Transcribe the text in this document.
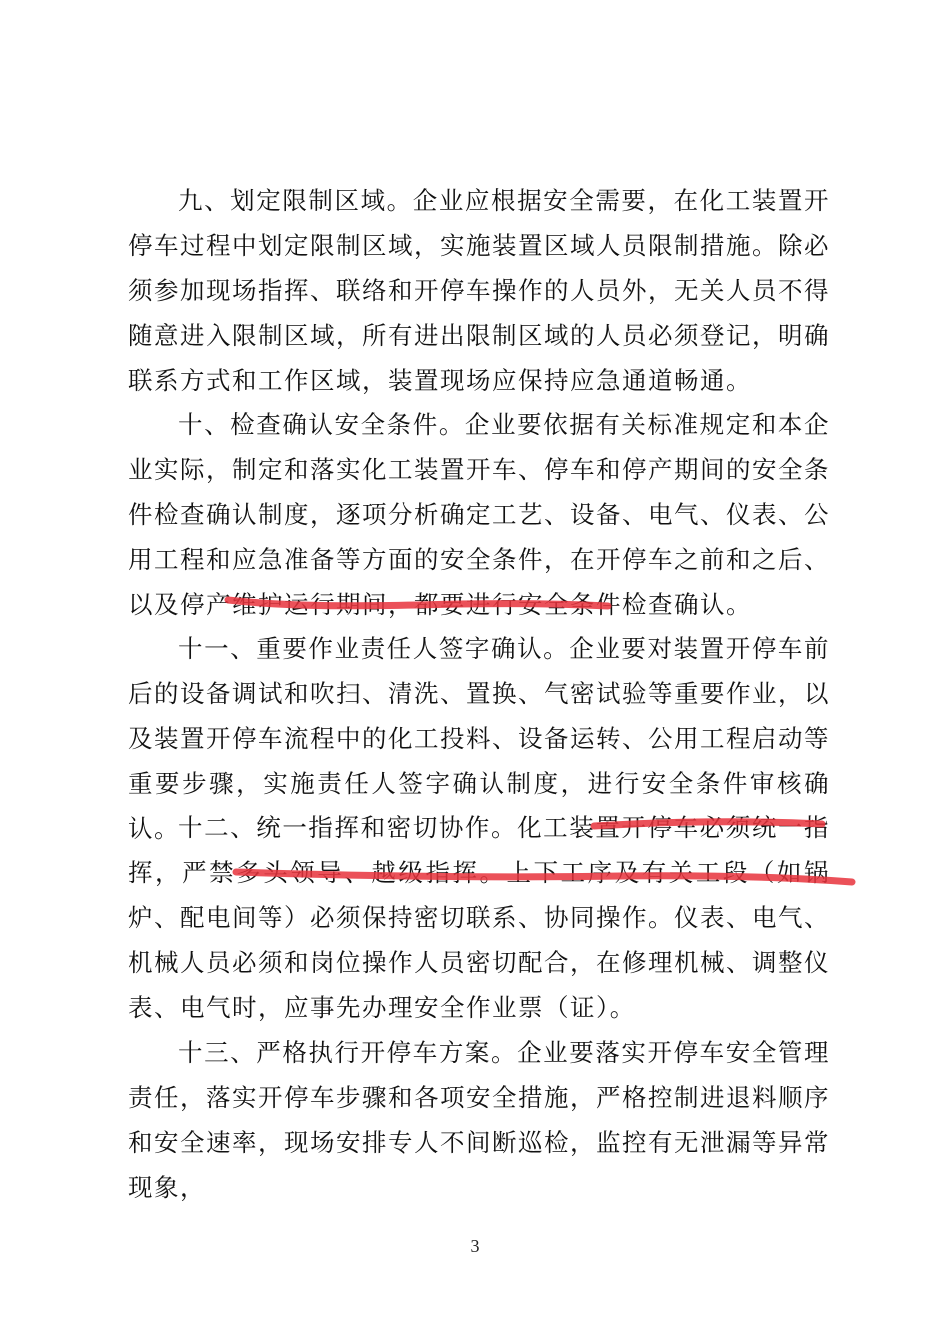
九、划定限制区域。企业应根据安全需要，在化工装置开停车过程中划定限制区域，实施装置区域人员限制措施。除必须参加现场指挥、联络和开停车操作的人员外，无关人员不得随意进入限制区域，所有进出限制区域的人员必须登记，明确联系方式和工作区域，装置现场应保持应急通道畅通。

十、检查确认安全条件。企业要依据有关标准规定和本企业实际，制定和落实化工装置开车、停车和停产期间的安全条件检查确认制度，逐项分析确定工艺、设备、电气、仪表、公用工程和应急准备等方面的安全条件，在开停车之前和之后、以及停产维护运行期间，都要进行安全条件检查确认。

十一、重要作业责任人签字确认。企业要对装置开停车前后的设备调试和吹扫、清洗、置换、气密试验等重要作业，以及装置开停车流程中的化工投料、设备运转、公用工程启动等重要步骤，实施责任人签字确认制度，进行安全条件审核确认。

十二、统一指挥和密切协作。化工装置开停车必须统一指挥，严禁多头领导、越级指挥。上下工序及有关工段（如锅炉、配电间等）必须保持密切联系、协同操作。仪表、电气、机械人员必须和岗位操作人员密切配合，在修理机械、调整仪表、电气时，应事先办理安全作业票（证）。

十三、严格执行开停车方案。企业要落实开停车安全管理责任，落实开停车步骤和各项安全措施，严格控制进退料顺序和安全速率，现场安排专人不间断巡检，监控有无泄漏等异常现象，

3
